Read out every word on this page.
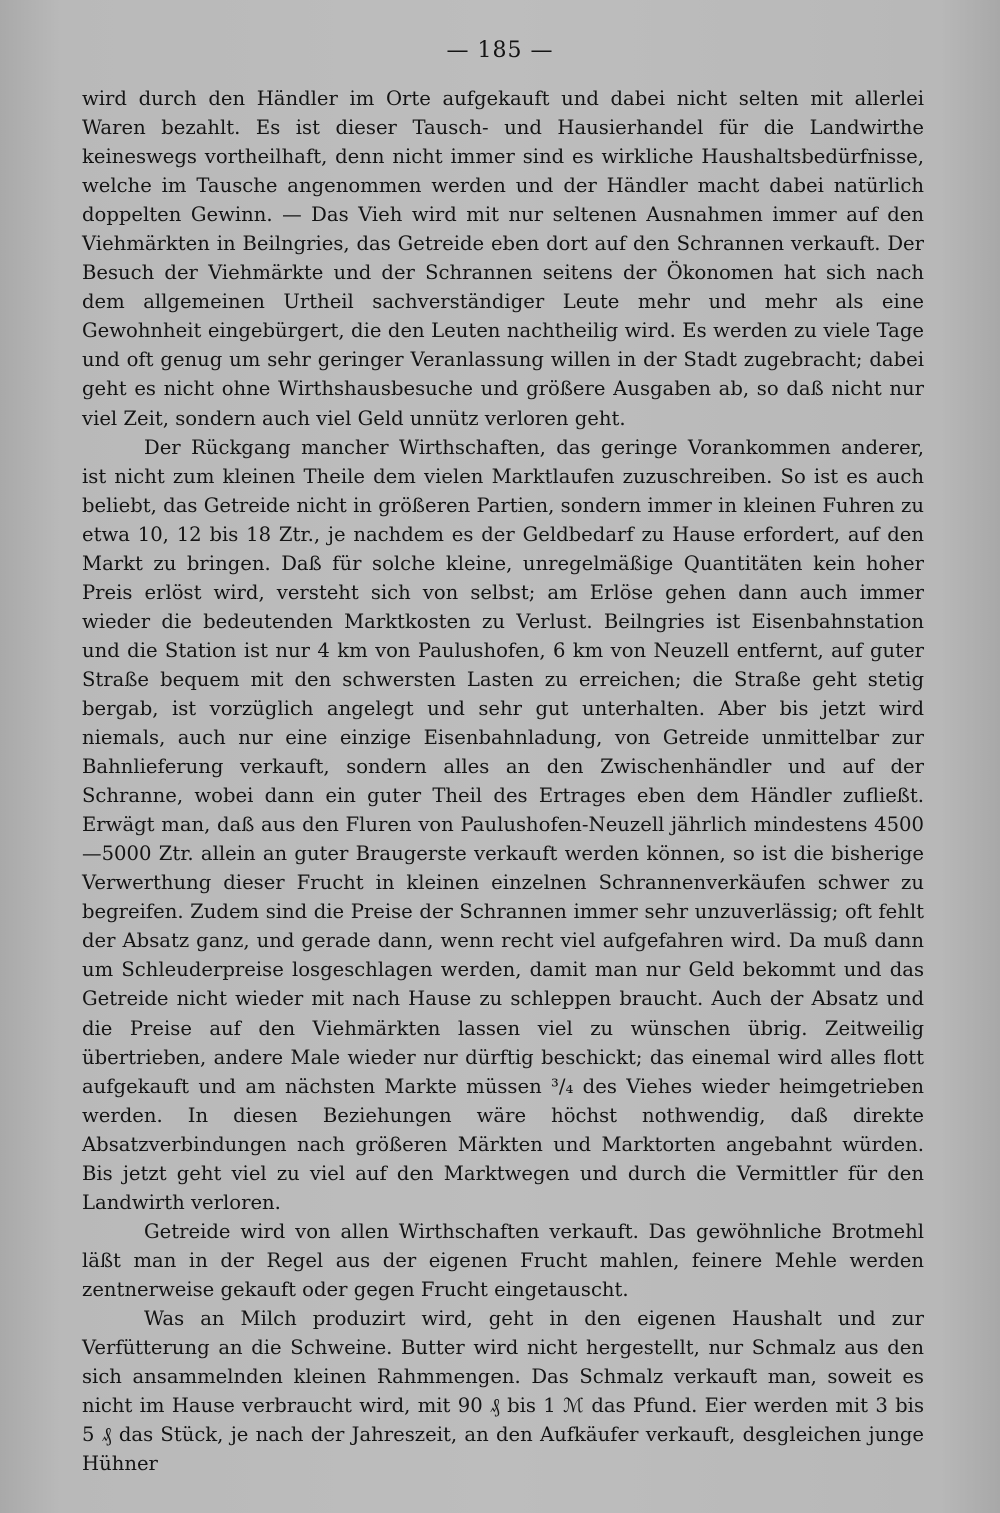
— 185 —

wird durch den Händler im Orte aufgekauft und dabei nicht selten mit allerlei Waren bezahlt. Es ist dieser Tausch- und Hausierhandel für die Landwirthe keineswegs vortheilhaft, denn nicht immer sind es wirkliche Haushaltsbedürfnisse, welche im Tausche angenommen werden und der Händler macht dabei natürlich doppelten Gewinn. — Das Vieh wird mit nur seltenen Ausnahmen immer auf den Viehmärkten in Beilngries, das Getreide eben dort auf den Schrannen verkauft. Der Besuch der Viehmärkte und der Schrannen seitens der Ökonomen hat sich nach dem allgemeinen Urtheil sachverständiger Leute mehr und mehr als eine Gewohnheit eingebürgert, die den Leuten nachtheilig wird. Es werden zu viele Tage und oft genug um sehr geringer Veranlassung willen in der Stadt zugebracht; dabei geht es nicht ohne Wirthshausbesuche und größere Ausgaben ab, so daß nicht nur viel Zeit, sondern auch viel Geld unnütz verloren geht.

Der Rückgang mancher Wirthschaften, das geringe Vorankommen anderer, ist nicht zum kleinen Theile dem vielen Marktlaufen zuzuschreiben. So ist es auch beliebt, das Getreide nicht in größeren Partien, sondern immer in kleinen Fuhren zu etwa 10, 12 bis 18 Ztr., je nachdem es der Geldbedarf zu Hause erfordert, auf den Markt zu bringen. Daß für solche kleine, unregelmäßige Quantitäten kein hoher Preis erlöst wird, versteht sich von selbst; am Erlöse gehen dann auch immer wieder die bedeutenden Marktkosten zu Verlust. Beilngries ist Eisenbahnstation und die Station ist nur 4 km von Paulushofen, 6 km von Neuzell entfernt, auf guter Straße bequem mit den schwersten Lasten zu erreichen; die Straße geht stetig bergab, ist vorzüglich angelegt und sehr gut unterhalten. Aber bis jetzt wird niemals, auch nur eine einzige Eisenbahnladung, von Getreide unmittelbar zur Bahnlieferung verkauft, sondern alles an den Zwischenhändler und auf der Schranne, wobei dann ein guter Theil des Ertrages eben dem Händler zufließt. Erwägt man, daß aus den Fluren von Paulushofen-Neuzell jährlich mindestens 4500—5000 Ztr. allein an guter Braugerste verkauft werden können, so ist die bisherige Verwerthung dieser Frucht in kleinen einzelnen Schrannenverkäufen schwer zu begreifen. Zudem sind die Preise der Schrannen immer sehr unzuverlässig; oft fehlt der Absatz ganz, und gerade dann, wenn recht viel aufgefahren wird. Da muß dann um Schleuderpreise losgeschlagen werden, damit man nur Geld bekommt und das Getreide nicht wieder mit nach Hause zu schleppen braucht. Auch der Absatz und die Preise auf den Viehmärkten lassen viel zu wünschen übrig. Zeitweilig übertrieben, andere Male wieder nur dürftig beschickt; das einemal wird alles flott aufgekauft und am nächsten Markte müssen ³/₄ des Viehes wieder heimgetrieben werden. In diesen Beziehungen wäre höchst nothwendig, daß direkte Absatzverbindungen nach größeren Märkten und Marktorten angebahnt würden. Bis jetzt geht viel zu viel auf den Marktwegen und durch die Vermittler für den Landwirth verloren.

Getreide wird von allen Wirthschaften verkauft. Das gewöhnliche Brotmehl läßt man in der Regel aus der eigenen Frucht mahlen, feinere Mehle werden zentnerweise gekauft oder gegen Frucht eingetauscht.

Was an Milch produzirt wird, geht in den eigenen Haushalt und zur Verfütterung an die Schweine. Butter wird nicht hergestellt, nur Schmalz aus den sich ansammelnden kleinen Rahmmengen. Das Schmalz verkauft man, soweit es nicht im Hause verbraucht wird, mit 90 ₰ bis 1 ℳ das Pfund. Eier werden mit 3 bis 5 ₰ das Stück, je nach der Jahreszeit, an den Aufkäufer verkauft, desgleichen junge Hühner
